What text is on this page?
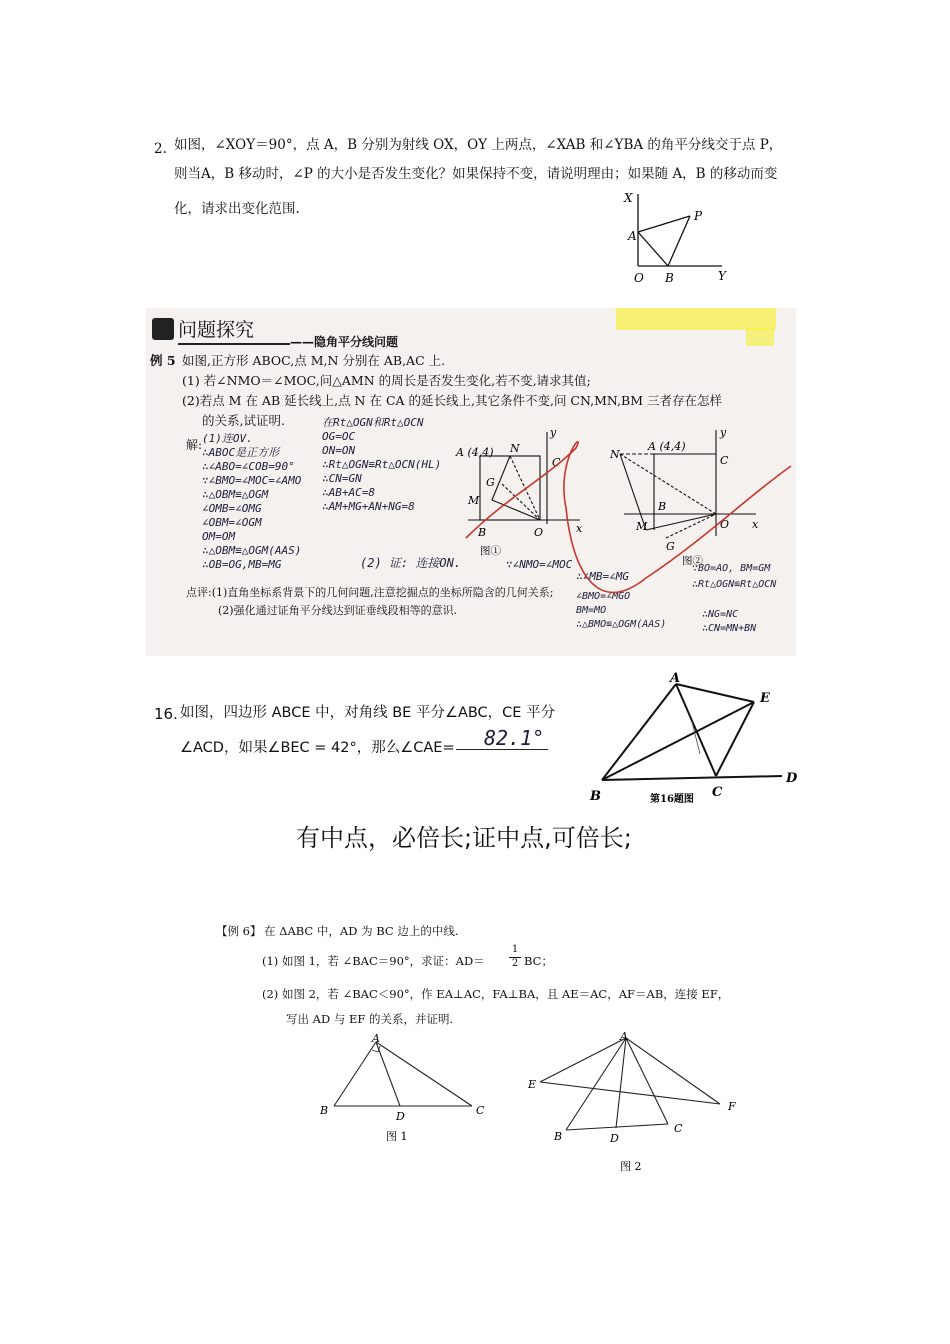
2. 如图，∠XOY＝90°，点 A，B 分别为射线 OX，OY 上两点，∠XAB 和∠YBA 的角平分线交于点 P，
则当A，B 移动时，∠P 的大小是否发生变化？如果保持不变，请说明理由；如果随 A，B 的移动而变
化，请求出变化范围.
X
A
P
O B	Y
问题探究
——隐角平分线问题
例 5 如图,正方形 ABOC,点 M,N 分别在 AB,AC 上.
(1) 若∠NMO＝∠MOC,问△AMN 的周长是否发生变化,若不变,请求其值;
(2)若点 M 在 AB 延长线上,点 N 在 CA 的延长线上,其它条件不变,问 CN,MN,BM 三者存在怎样
的关系,试证明.
解: (1)连OV.
∴ABOC是正方形
∴∠ABO=∠COB=90°
∵∠BMO=∠MOC=∠AMO
∴△OBM≌△OGM
∠OMB=∠OMG
∠OBM=∠OGM
OM=OM
∴△OBM≌△OGM(AAS)
∴OB=OG,MB=MG
在Rt△OGN和Rt△OCN
OG=OC
ON=ON
∴Rt△OGN≌Rt△OCN(HL)
∴CN=GN
∴AB+AC=8
∴AM+MG+AN+NG=8
(2) 证: 连接ON.	∵∠NMO=∠MOC
∴∠MB=∠MG
∵BO=AO, BM=GM
∴Rt△OGN≌Rt△OCN
∠BMO=∠MGO
BM=MO
∴△BMO≌△OGM(AAS)
∴NG=NC
∴CN=MN+BN
点评:(1)直角坐标系背景下的几何问题,注意挖掘点的坐标所隐含的几何关系;
(2)强化通过证角平分线达到证垂线段相等的意识.
A (4,4) N
C
G
M
B	O	x
y
图①
A (4,4)
N	C
B
M
G
O x
y
图②
16. 如图，四边形 ABCE 中，对角线 BE 平分∠ABC，CE 平分
∠ACD，如果∠BEC = 42°，那么∠CAE= 82.1°
A
E
B	C
D
第16题图
有中点，必倍长;证中点,可倍长;
【例 6】 在 ΔABC 中，AD 为 BC 边上的中线.
(1) 如图 1，若 ∠BAC＝90°，求证：AD＝
1
2 BC；
(2) 如图 2，若 ∠BAC＜90°，作 EA⊥AC，FA⊥BA，且 AE＝AC，AF＝AB，连接 EF，
写出 AD 与 EF 的关系，并证明.
A
B	D	C
图 1
A
E
F
B	D
C
图 2
